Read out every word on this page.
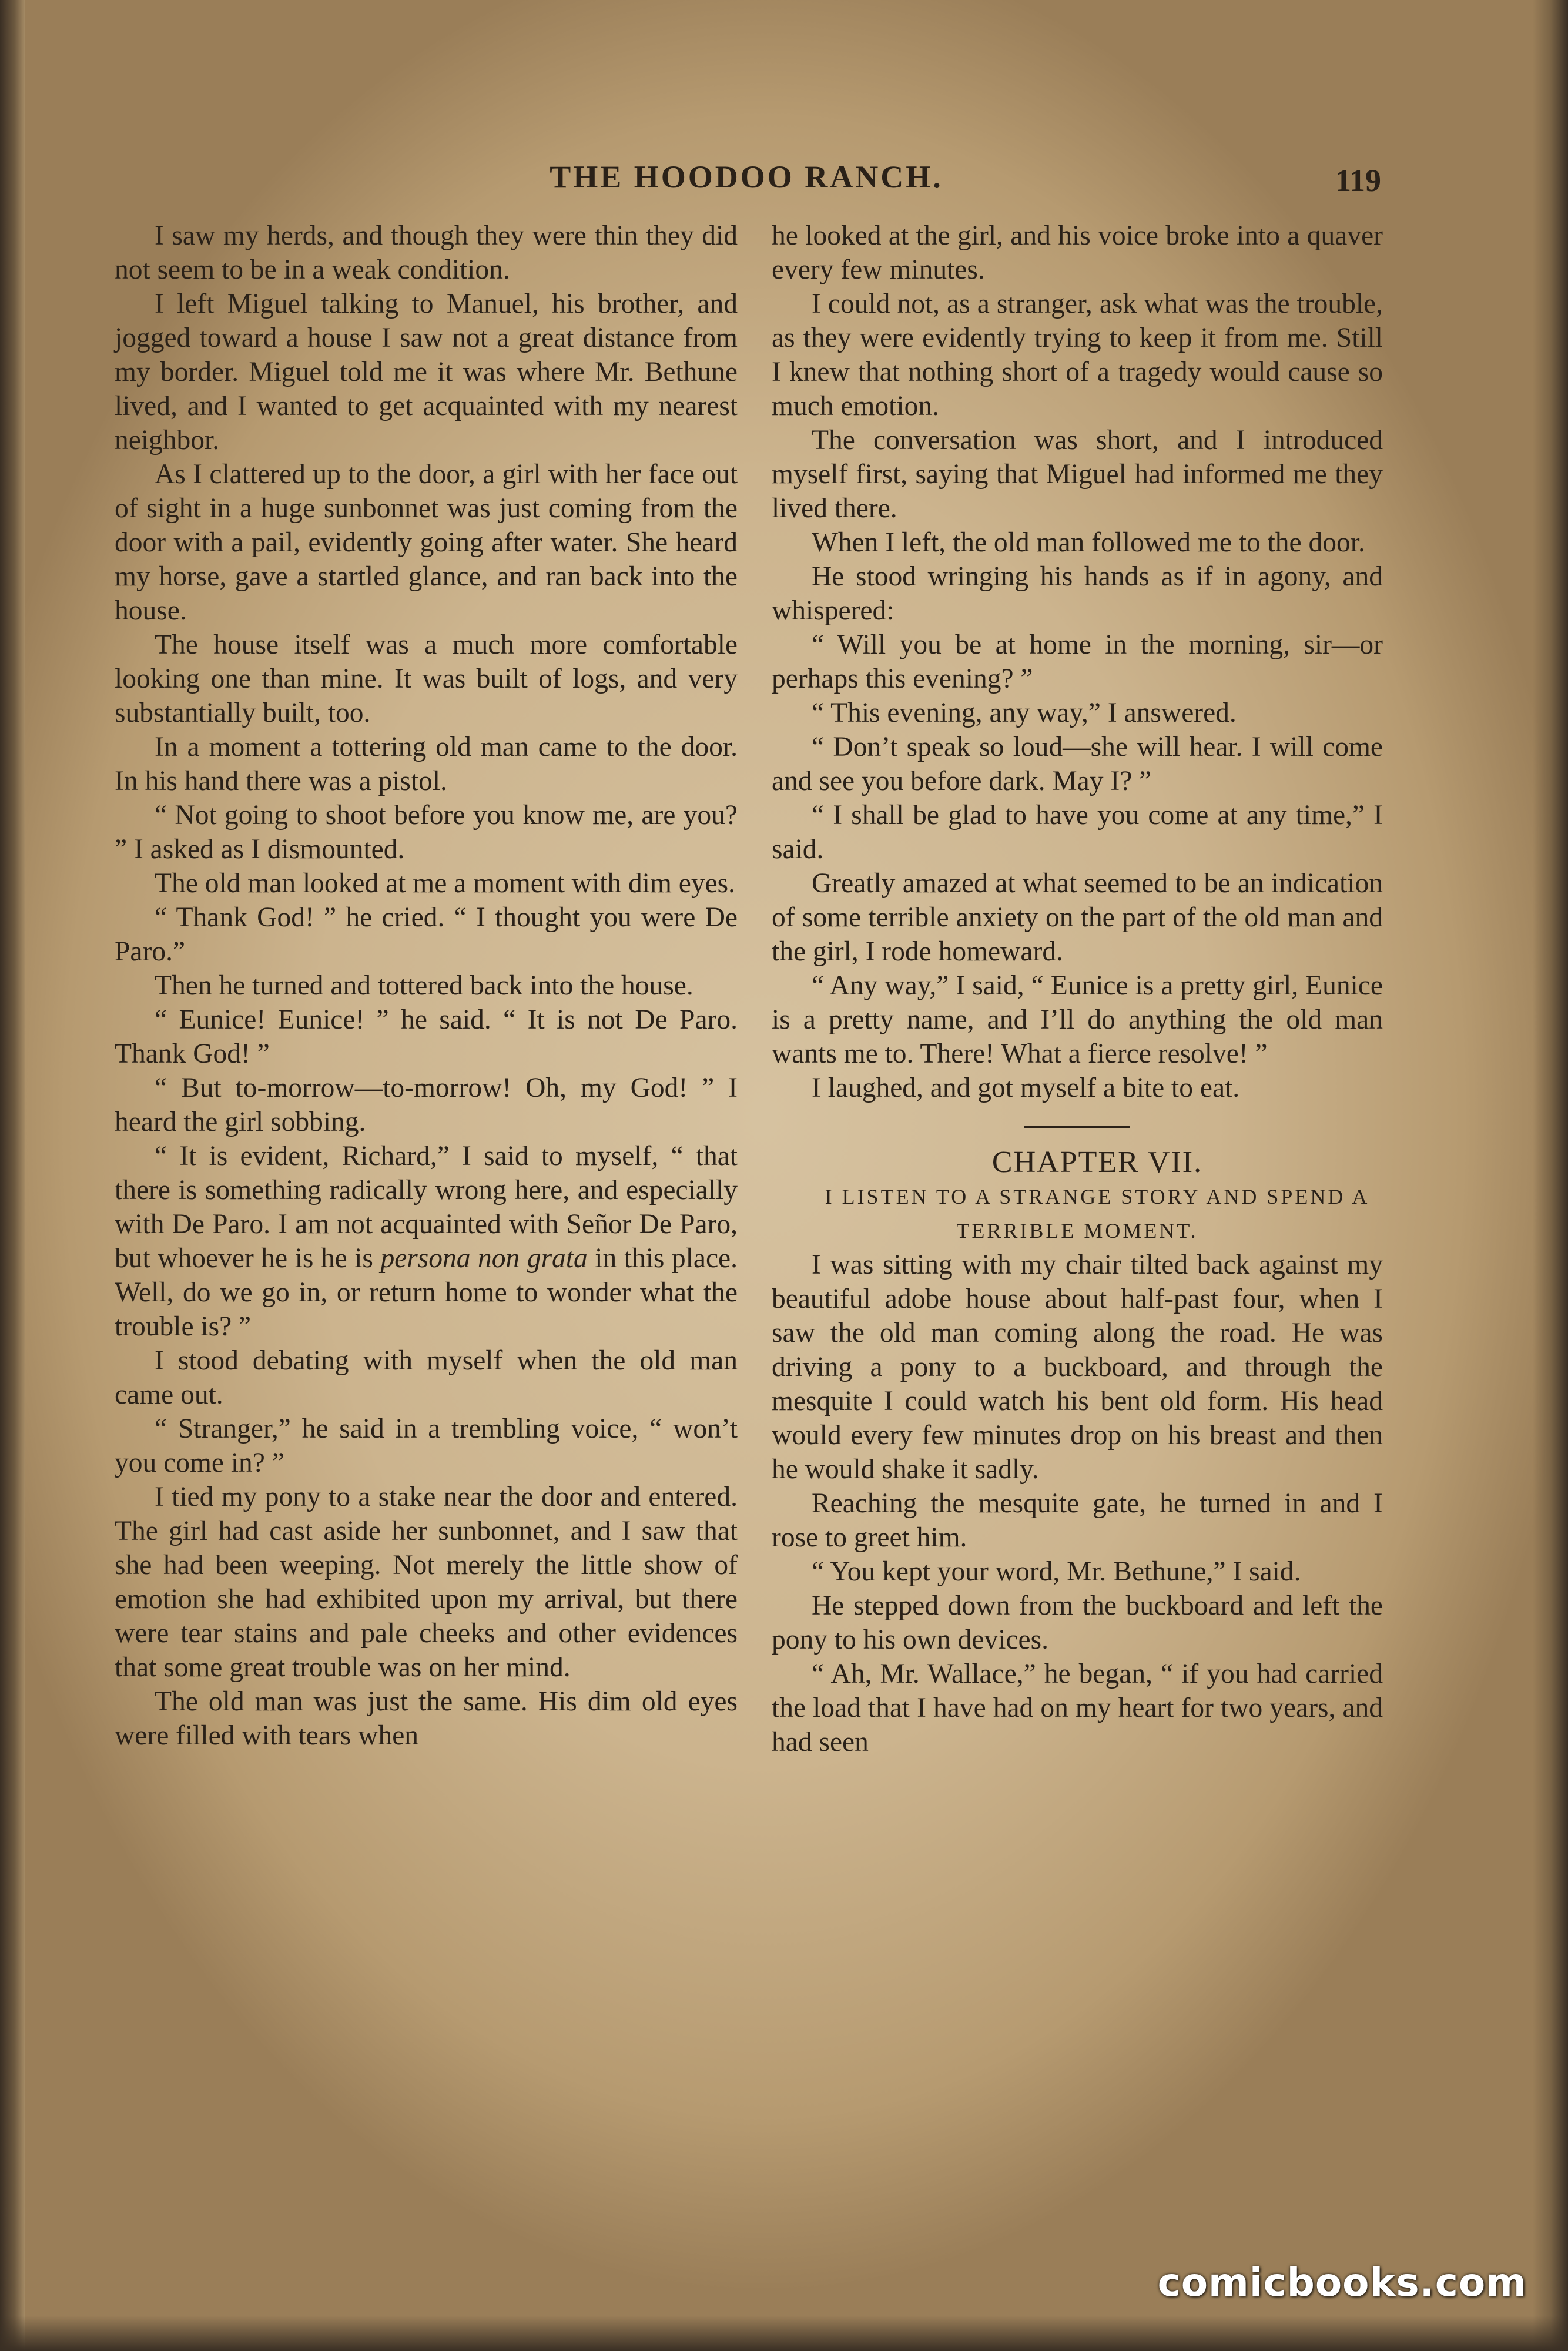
THE HOODOO RANCH.	119

I saw my herds, and though they were thin they did not seem to be in a weak condition.

I left Miguel talking to Manuel, his brother, and jogged toward a house I saw not a great distance from my border. Miguel told me it was where Mr. Bethune lived, and I wanted to get acquainted with my nearest neighbor.

As I clattered up to the door, a girl with her face out of sight in a huge sunbonnet was just coming from the door with a pail, evidently going after water. She heard my horse, gave a startled glance, and ran back into the house.

The house itself was a much more comfortable looking one than mine. It was built of logs, and very substantially built, too.

In a moment a tottering old man came to the door. In his hand there was a pistol.

“ Not going to shoot before you know me, are you? ” I asked as I dismounted.

The old man looked at me a moment with dim eyes.

“ Thank God! ” he cried. “ I thought you were De Paro.”

Then he turned and tottered back into the house.

“ Eunice! Eunice! ” he said. “ It is not De Paro. Thank God! ”

“ But to-morrow—to-morrow! Oh, my God! ” I heard the girl sobbing.

“ It is evident, Richard,” I said to myself, “ that there is something radically wrong here, and especially with De Paro. I am not acquainted with Señor De Paro, but whoever he is he is persona non grata in this place. Well, do we go in, or return home to wonder what the trouble is? ”

I stood debating with myself when the old man came out.

“ Stranger,” he said in a trembling voice, “ won’t you come in? ”

I tied my pony to a stake near the door and entered. The girl had cast aside her sunbonnet, and I saw that she had been weeping. Not merely the little show of emotion she had exhibited upon my arrival, but there were tear stains and pale cheeks and other evidences that some great trouble was on her mind.

The old man was just the same. His dim old eyes were filled with tears when

he looked at the girl, and his voice broke into a quaver every few minutes.

I could not, as a stranger, ask what was the trouble, as they were evidently trying to keep it from me. Still I knew that nothing short of a tragedy would cause so much emotion.

The conversation was short, and I introduced myself first, saying that Miguel had informed me they lived there.

When I left, the old man followed me to the door.

He stood wringing his hands as if in agony, and whispered:

“ Will you be at home in the morning, sir—or perhaps this evening? ”

“ This evening, any way,” I answered.

“ Don’t speak so loud—she will hear. I will come and see you before dark. May I? ”

“ I shall be glad to have you come at any time,” I said.

Greatly amazed at what seemed to be an indication of some terrible anxiety on the part of the old man and the girl, I rode homeward.

“ Any way,” I said, “ Eunice is a pretty girl, Eunice is a pretty name, and I’ll do anything the old man wants me to. There! What a fierce resolve! ”

I laughed, and got myself a bite to eat.

CHAPTER VII.

I LISTEN TO A STRANGE STORY AND SPEND A TERRIBLE MOMENT.

I was sitting with my chair tilted back against my beautiful adobe house about half-past four, when I saw the old man coming along the road. He was driving a pony to a buckboard, and through the mesquite I could watch his bent old form. His head would every few minutes drop on his breast and then he would shake it sadly.

Reaching the mesquite gate, he turned in and I rose to greet him.

“ You kept your word, Mr. Bethune,” I said.

He stepped down from the buckboard and left the pony to his own devices.

“ Ah, Mr. Wallace,” he began, “ if you had carried the load that I have had on my heart for two years, and had seen

comicbooks.com
